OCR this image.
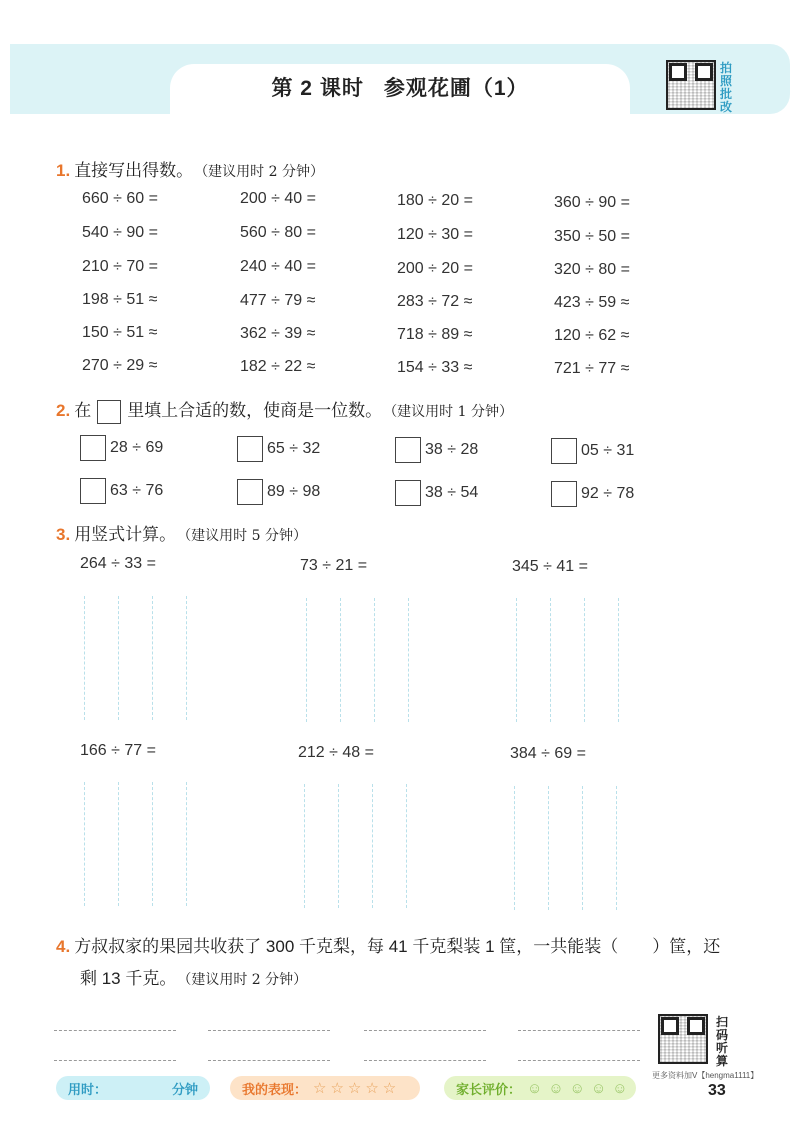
第 2 课时 参观花圃（1）
拍照批改
1. 直接写出得数。 （建议用时 2 分钟）
660 ÷ 60 =	200 ÷ 40 =	180 ÷ 20 =	360 ÷ 90 =
540 ÷ 90 =	560 ÷ 80 =	120 ÷ 30 =	350 ÷ 50 =
210 ÷ 70 =	240 ÷ 40 =	200 ÷ 20 =	320 ÷ 80 =
198 ÷ 51 ≈	477 ÷ 79 ≈	283 ÷ 72 ≈	423 ÷ 59 ≈
150 ÷ 51 ≈	362 ÷ 39 ≈	718 ÷ 89 ≈	120 ÷ 62 ≈
270 ÷ 29 ≈	182 ÷ 22 ≈	154 ÷ 33 ≈	721 ÷ 77 ≈
2. 在 里填上合适的数，使商是一位数。 （建议用时 1 分钟）
28 ÷ 69	65 ÷ 32	38 ÷ 28	05 ÷ 31
63 ÷ 76	89 ÷ 98	38 ÷ 54	92 ÷ 78
3. 用竖式计算。 （建议用时 5 分钟）
264 ÷ 33 =	73 ÷ 21 =	345 ÷ 41 =
166 ÷ 77 =	212 ÷ 48 =	384 ÷ 69 =
4. 方叔叔家的果园共收获了 300 千克梨，每 41 千克梨装 1 筐，一共能装（　　）筐，还
剩 13 千克。 （建议用时 2 分钟）
扫码听算
用时：	分钟	我的表现： ☆☆☆☆☆	家长评价： ☺☺☺☺☺
更多资料加V【hengma1111】
33
